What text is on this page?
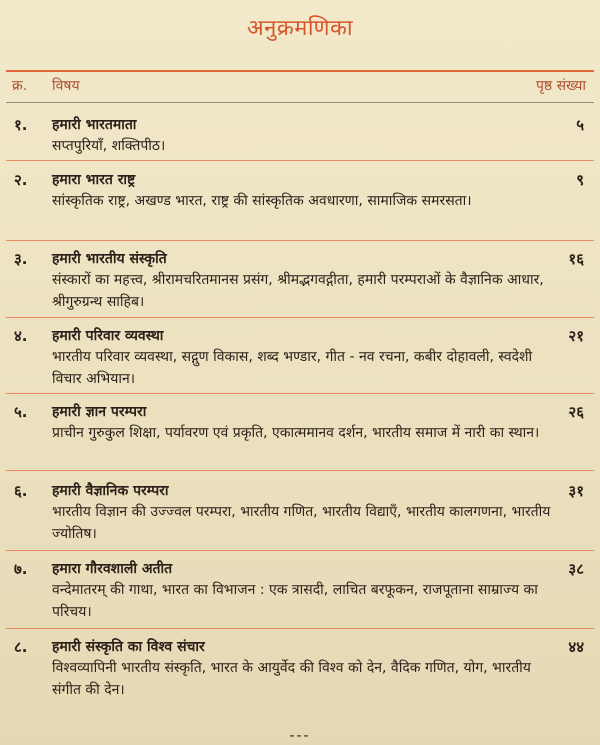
अनुक्रमणिका
क्र. विषय	पृष्ठ संख्या
१. हमारी भारतमाता	५
सप्तपुरियाँ, शक्तिपीठ।
२. हमारा भारत राष्ट्र	९
सांस्कृतिक राष्ट्र, अखण्ड भारत, राष्ट्र की सांस्कृतिक अवधारणा, सामाजिक समरसता।
३. हमारी भारतीय संस्कृति	१६
संस्कारों का महत्त्व, श्रीरामचरितमानस प्रसंग, श्रीमद्भगवद्गीता, हमारी परम्पराओं के वैज्ञानिक आधार, श्रीगुरुग्रन्थ साहिब।
४. हमारी परिवार व्यवस्था	२१
भारतीय परिवार व्यवस्था, सद्गुण विकास, शब्द भण्डार, गीत - नव रचना, कबीर दोहावली, स्वदेशी विचार अभियान।
५. हमारी ज्ञान परम्परा	२६
प्राचीन गुरुकुल शिक्षा, पर्यावरण एवं प्रकृति, एकात्ममानव दर्शन, भारतीय समाज में नारी का स्थान।
६. हमारी वैज्ञानिक परम्परा	३१
भारतीय विज्ञान की उज्ज्वल परम्परा, भारतीय गणित, भारतीय विद्याएँ, भारतीय कालगणना, भारतीय ज्योतिष।
७. हमारा गौरवशाली अतीत	३८
वन्देमातरम् की गाथा, भारत का विभाजन : एक त्रासदी, लाचित बरफूकन, राजपूताना साम्राज्य का परिचय।
८. हमारी संस्कृति का विश्व संचार	४४
विश्वव्यापिनी भारतीय संस्कृति, भारत के आयुर्वेद की विश्व को देन, वैदिक गणित, योग, भारतीय संगीत की देन।
---
